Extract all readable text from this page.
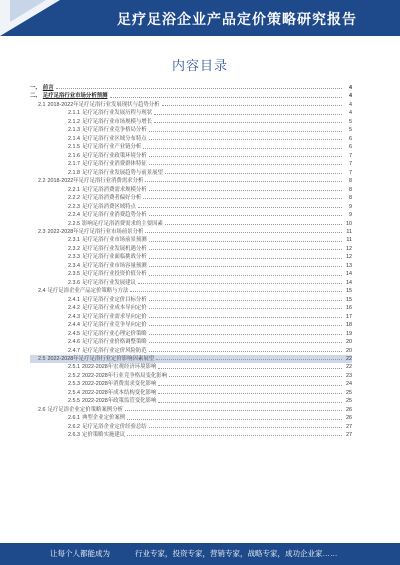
足疗足浴企业产品定价策略研究报告
内容目录
一、 前言	4
二、 足疗足浴行业市场分析预测	4
2.1 2018-2022年足疗足浴行业发展现状与趋势分析	4
2.1.1 足疗足浴行业发展历程与现状	4
2.1.2 足疗足浴行业市场规模与增长	5
2.1.3 足疗足浴行业竞争格局分析	5
2.1.4 足疗足浴行业区域分布特点	6
2.1.5 足疗足浴行业产业链分析	6
2.1.6 足疗足浴行业政策环境分析	7
2.1.7 足疗足浴行业消费群体特征	7
2.1.8 足疗足浴行业发展趋势与前景展望	7
2.2 2018-2022年足疗足浴行业消费需求分析	8
2.2.1 足疗足浴消费需求规模分析	8
2.2.2 足疗足浴消费者偏好分析	8
2.2.3 足疗足浴消费区域特点	9
2.2.4 足疗足浴行业消费趋势分析	9
2.2.5 影响足疗足浴消费需求的主要因素	10
2.3 2022-2028年足疗足浴行业市场前景分析	11
2.3.1 足疗足浴行业市场前景预测	11
2.3.2 足疗足浴行业发展机遇分析	12
2.3.3 足疗足浴行业面临挑战分析	12
2.3.4 足疗足浴行业市场容量预测	13
2.3.5 足疗足浴行业投资价值分析	14
2.3.6 足疗足浴行业发展建议	14
2.4 足疗足浴企业产品定价策略与方法	15
2.4.1 足疗足浴行业定价目标分析	15
2.4.2 足疗足浴行业成本导向定价	16
2.4.3 足疗足浴行业需求导向定价	17
2.4.4 足疗足浴行业竞争导向定价	18
2.4.5 足疗足浴行业心理定价策略	19
2.4.6 足疗足浴行业价格调整策略	20
2.4.7 足疗足浴行业定价风险防范	20
2.5 2022-2028年足疗足浴行业定价影响因素展望	22
2.5.1 2022-2028年宏观经济环境影响	22
2.5.2 2022-2028年行业竞争格局变化影响	23
2.5.3 2022-2028年消费需求变化影响	24
2.5.4 2022-2028年成本结构变化影响	25
2.5.5 2022-2028年政策监管变化影响	25
2.6 足疗足浴企业定价策略案例分析	26
2.6.1 典型企业定价案例	26
2.6.2 足疗足浴企业定价经验总结	27
2.6.3 定价策略实施建议	27
让每个人都能成为	行业专家，投资专家，营销专家，战略专家，成功企业家……
